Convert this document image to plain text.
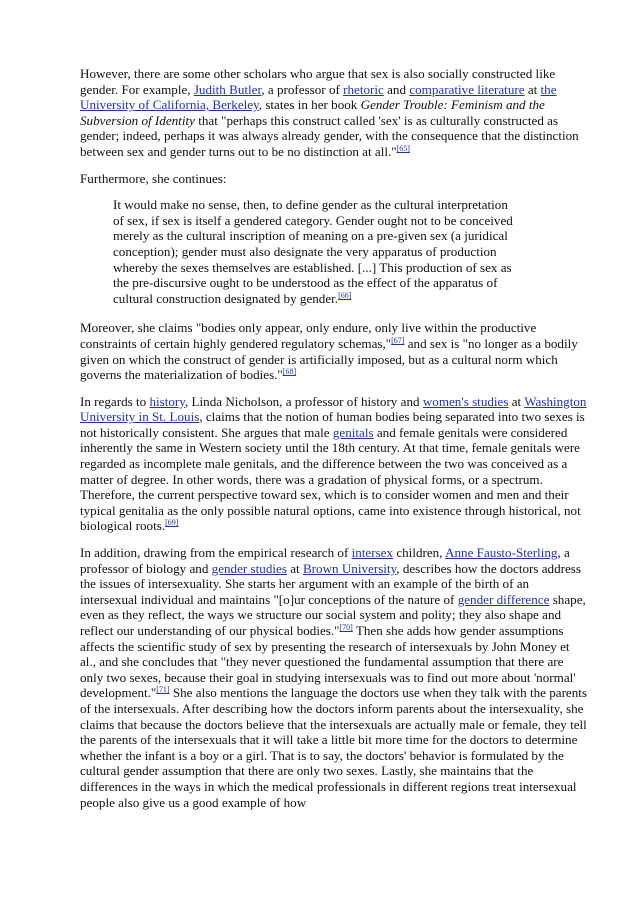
However, there are some other scholars who argue that sex is also socially constructed like gender. For example, Judith Butler, a professor of rhetoric and comparative literature at the University of California, Berkeley, states in her book Gender Trouble: Feminism and the Subversion of Identity that "perhaps this construct called 'sex' is as culturally constructed as gender; indeed, perhaps it was always already gender, with the consequence that the distinction between sex and gender turns out to be no distinction at all."[65]

Furthermore, she continues:

It would make no sense, then, to define gender as the cultural interpretation of sex, if sex is itself a gendered category. Gender ought not to be conceived merely as the cultural inscription of meaning on a pre-given sex (a juridical conception); gender must also designate the very apparatus of production whereby the sexes themselves are established. [...] This production of sex as the pre-discursive ought to be understood as the effect of the apparatus of cultural construction designated by gender.[66]

Moreover, she claims "bodies only appear, only endure, only live within the productive constraints of certain highly gendered regulatory schemas,"[67] and sex is "no longer as a bodily given on which the construct of gender is artificially imposed, but as a cultural norm which governs the materialization of bodies."[68]

In regards to history, Linda Nicholson, a professor of history and women's studies at Washington University in St. Louis, claims that the notion of human bodies being separated into two sexes is not historically consistent. She argues that male genitals and female genitals were considered inherently the same in Western society until the 18th century. At that time, female genitals were regarded as incomplete male genitals, and the difference between the two was conceived as a matter of degree. In other words, there was a gradation of physical forms, or a spectrum. Therefore, the current perspective toward sex, which is to consider women and men and their typical genitalia as the only possible natural options, came into existence through historical, not biological roots.[69]

In addition, drawing from the empirical research of intersex children, Anne Fausto-Sterling, a professor of biology and gender studies at Brown University, describes how the doctors address the issues of intersexuality. She starts her argument with an example of the birth of an intersexual individual and maintains "[o]ur conceptions of the nature of gender difference shape, even as they reflect, the ways we structure our social system and polity; they also shape and reflect our understanding of our physical bodies."[70] Then she adds how gender assumptions affects the scientific study of sex by presenting the research of intersexuals by John Money et al., and she concludes that "they never questioned the fundamental assumption that there are only two sexes, because their goal in studying intersexuals was to find out more about 'normal' development."[71] She also mentions the language the doctors use when they talk with the parents of the intersexuals. After describing how the doctors inform parents about the intersexuality, she claims that because the doctors believe that the intersexuals are actually male or female, they tell the parents of the intersexuals that it will take a little bit more time for the doctors to determine whether the infant is a boy or a girl. That is to say, the doctors' behavior is formulated by the cultural gender assumption that there are only two sexes. Lastly, she maintains that the differences in the ways in which the medical professionals in different regions treat intersexual people also give us a good example of how
